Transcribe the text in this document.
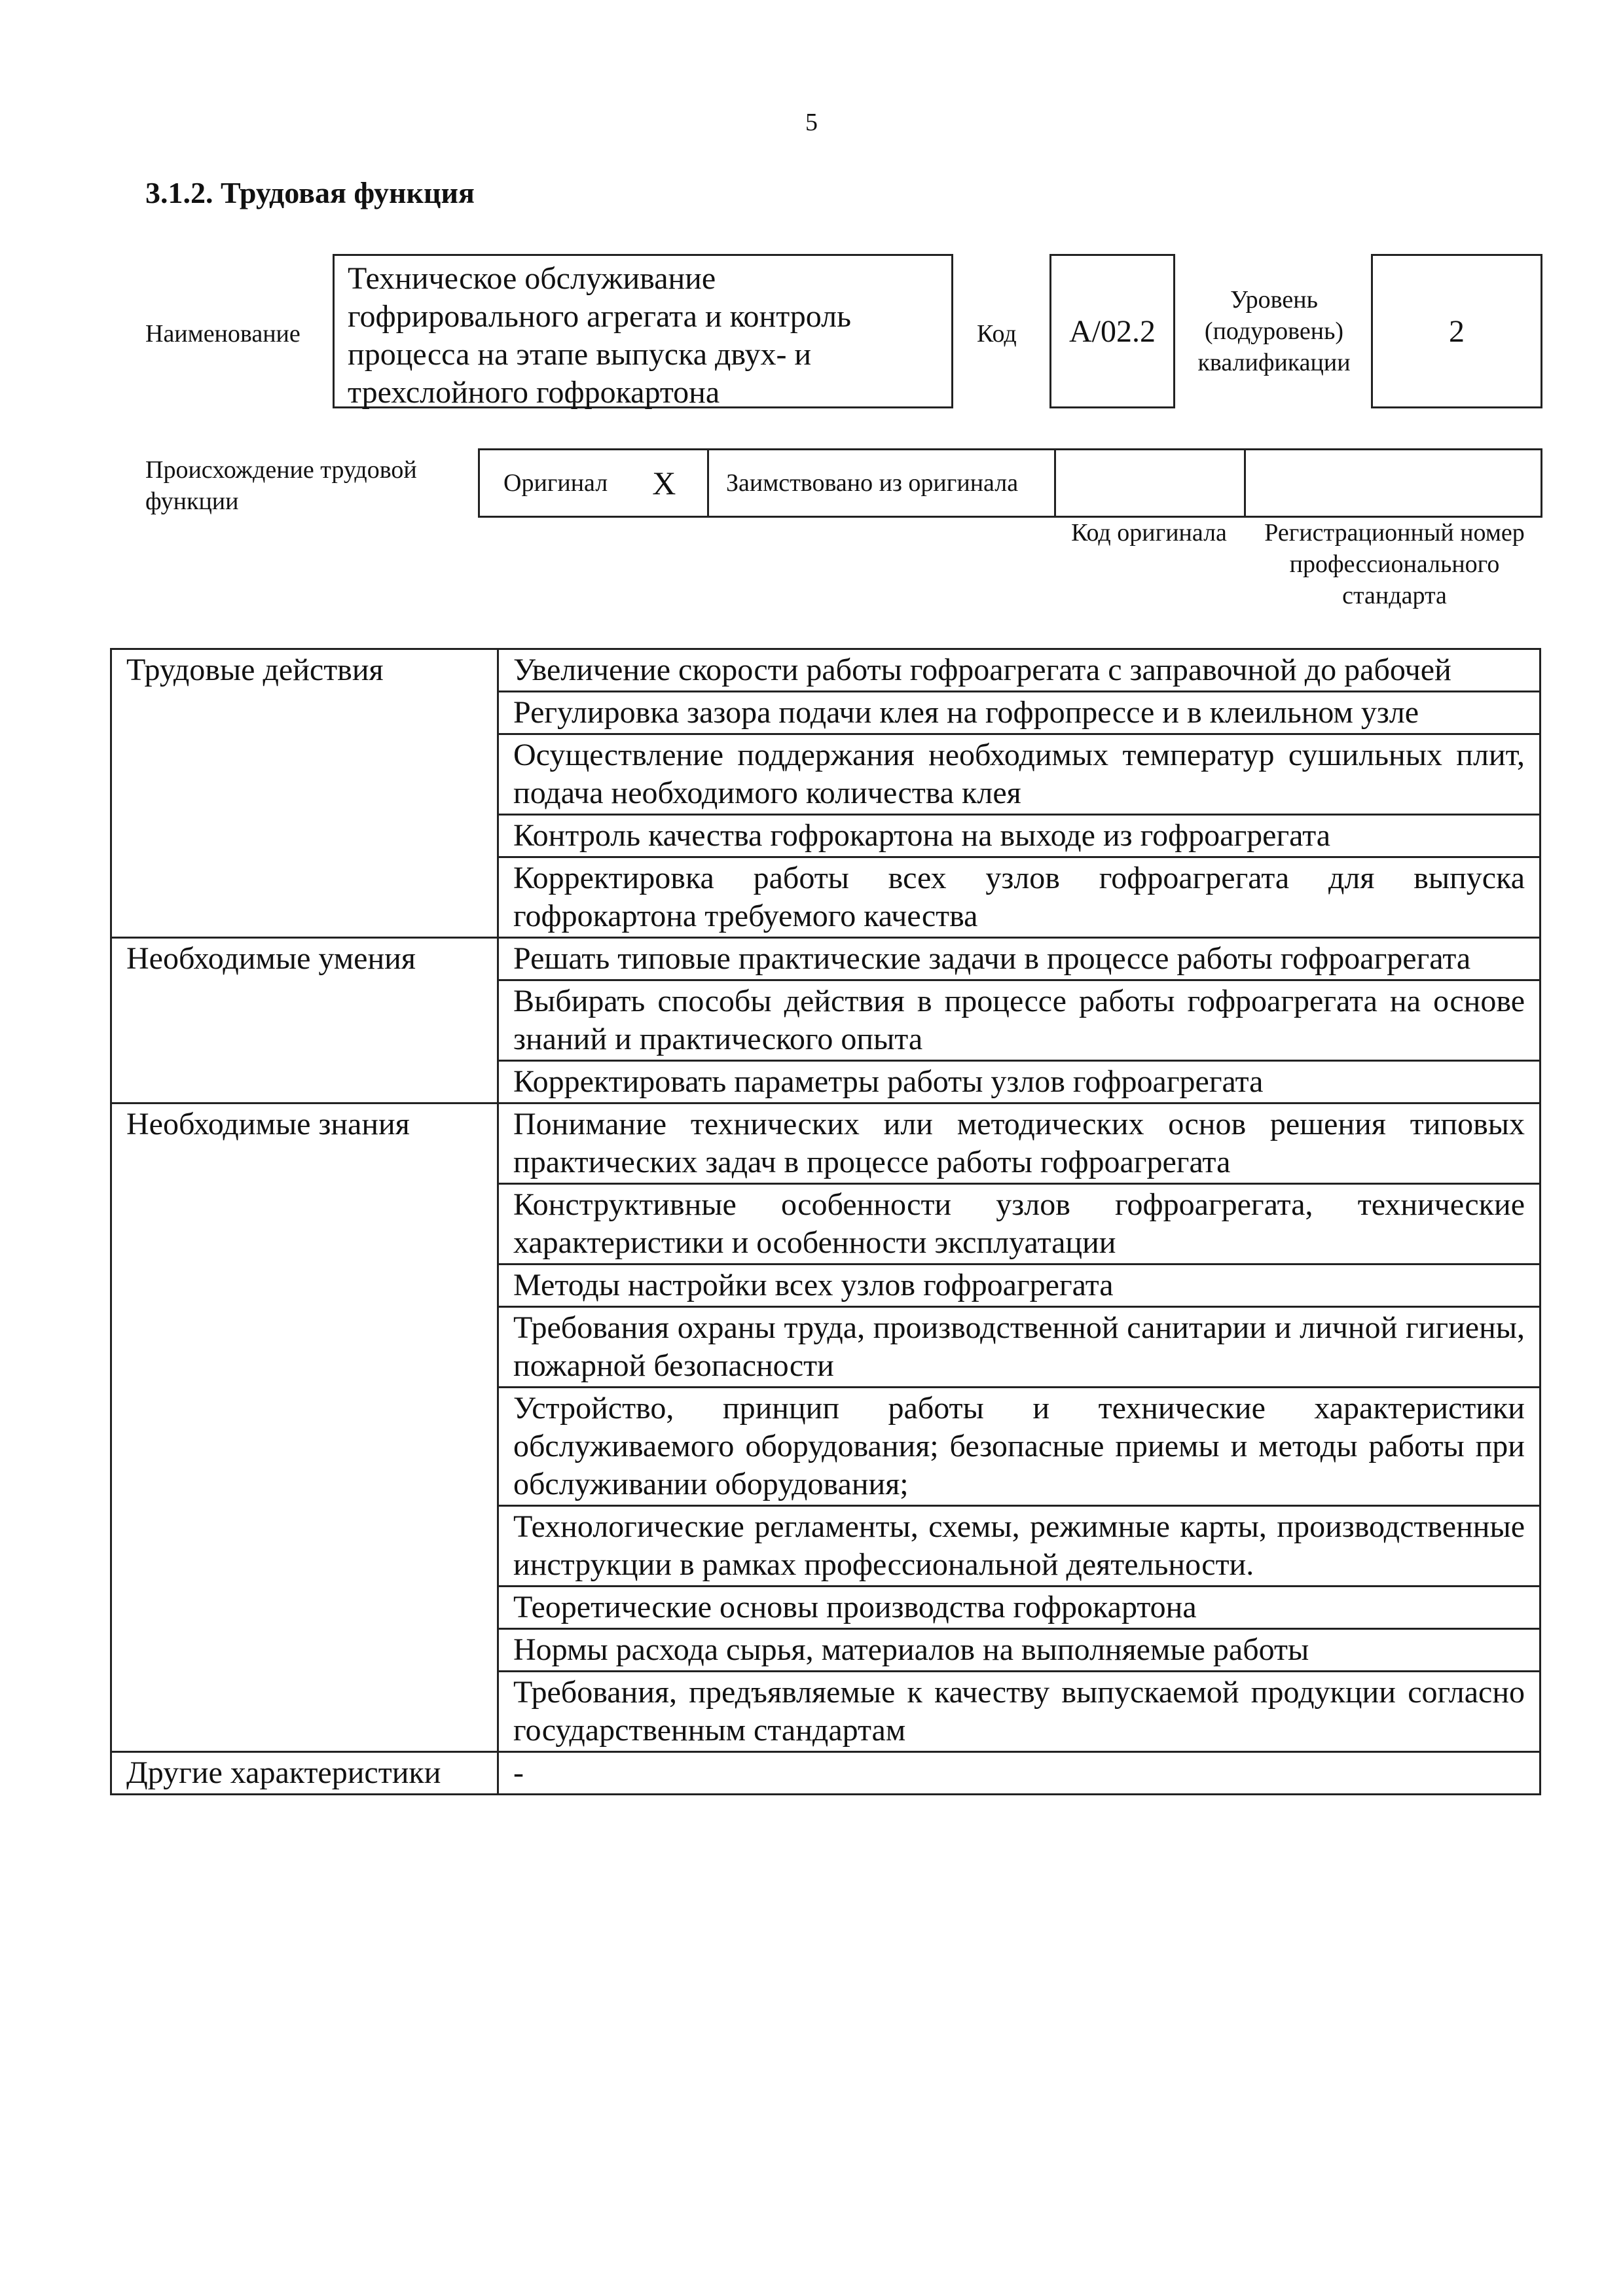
5
3.1.2. Трудовая функция
Наименование
Техническое обслуживание гофрировального агрегата и контроль процесса на этапе выпуска двух- и трехслойного гофрокартона
Код	А/02.2
Уровень (подуровень) квалификации
2
Происхождение трудовой функции
Оригинал X Заимствовано из оригинала
Код оригинала	Регистрационный номер профессионального стандарта
Трудовые действия	Увеличение скорости работы гофроагрегата с заправочной до рабочей
	Регулировка зазора подачи клея на гофропрессе и в клеильном узле
	Осуществление поддержания необходимых температур сушильных плит, подача необходимого количества клея
	Контроль качества гофрокартона на выходе из гофроагрегата
	Корректировка работы всех узлов гофроагрегата для выпуска гофрокартона требуемого качества
Необходимые умения	Решать типовые практические задачи в процессе работы гофроагрегата
	Выбирать способы действия в процессе работы гофроагрегата на основе знаний и практического опыта
	Корректировать параметры работы узлов гофроагрегата
Необходимые знания	Понимание технических или методических основ решения типовых практических задач в процессе работы гофроагрегата
	Конструктивные особенности узлов гофроагрегата, технические характеристики и особенности эксплуатации
	Методы настройки всех узлов гофроагрегата
	Требования охраны труда, производственной санитарии и личной гигиены, пожарной безопасности
	Устройство, принцип работы и технические характеристики обслуживаемого оборудования; безопасные приемы и методы работы при обслуживании оборудования;
	Технологические регламенты, схемы, режимные карты, производственные инструкции в рамках профессиональной деятельности.
	Теоретические основы производства гофрокартона
	Нормы расхода сырья, материалов на выполняемые работы
	Требования, предъявляемые к качеству выпускаемой продукции согласно государственным стандартам
Другие характеристики	-
